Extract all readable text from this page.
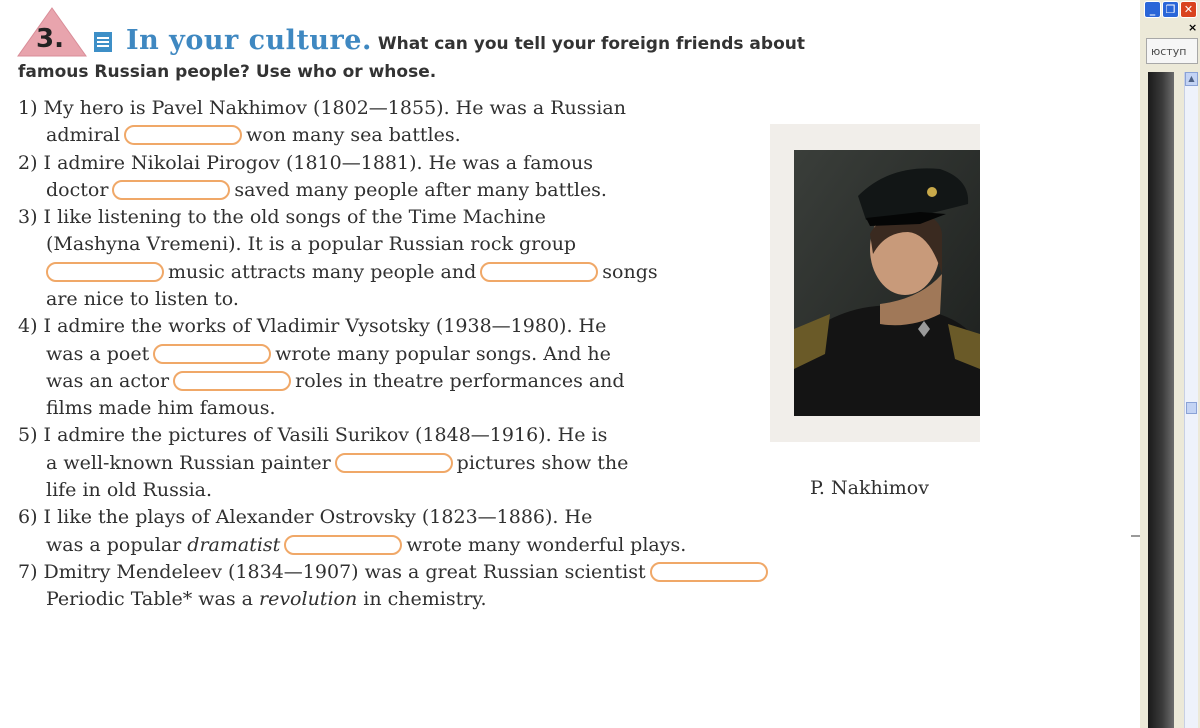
3. In your culture. What can you tell your foreign friends about
famous Russian people? Use who or whose.
1) My hero is Pavel Nakhimov (1802—1855). He was a Russian
admiral	won many sea battles.
2) I admire Nikolai Pirogov (1810—1881). He was a famous
doctor	saved many people after many battles.
3) I like listening to the old songs of the Time Machine
(Mashyna Vremeni). It is a popular Russian rock group
music attracts many people and	songs
are nice to listen to.
4) I admire the works of Vladimir Vysotsky (1938—1980). He
was a poet	wrote many popular songs. And he
was an actor	roles in theatre performances and
films made him famous.
5) I admire the pictures of Vasili Surikov (1848—1916). He is
a well-known Russian painter	pictures show the
life in old Russia.
6) I like the plays of Alexander Ostrovsky (1823—1886). He
was a popular dramatist	wrote many wonderful plays.
7) Dmitry Mendeleev (1834—1907) was a great Russian scientist
Periodic Table* was a revolution in chemistry.
P. Nakhimov
_ ❐ ✕
×
юступ
▲
